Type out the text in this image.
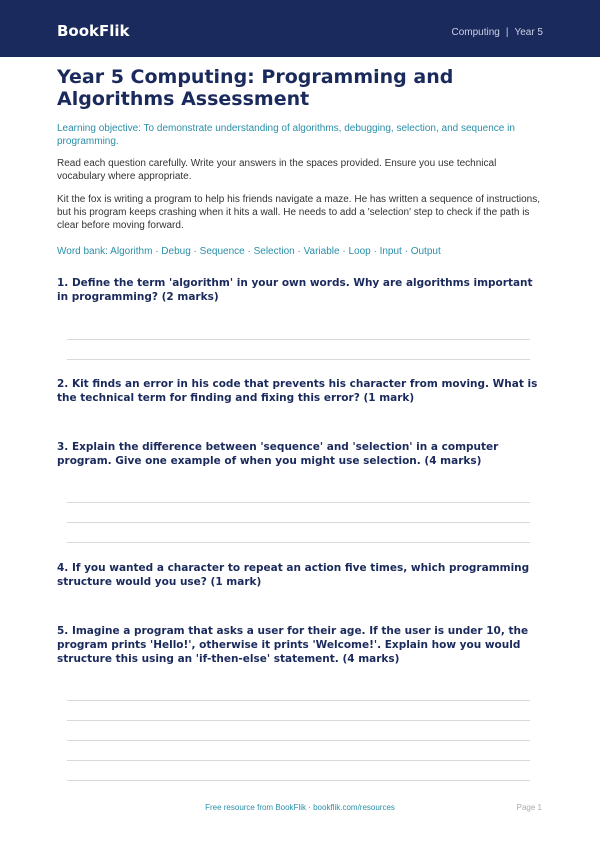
BookFlik	Computing | Year 5
Year 5 Computing: Programming and Algorithms Assessment
Learning objective: To demonstrate understanding of algorithms, debugging, selection, and sequence in programming.
Read each question carefully. Write your answers in the spaces provided. Ensure you use technical vocabulary where appropriate.
Kit the fox is writing a program to help his friends navigate a maze. He has written a sequence of instructions, but his program keeps crashing when it hits a wall. He needs to add a 'selection' step to check if the path is clear before moving forward.
Word bank: Algorithm · Debug · Sequence · Selection · Variable · Loop · Input · Output

1. Define the term 'algorithm' in your own words. Why are algorithms important in programming? (2 marks)

2. Kit finds an error in his code that prevents his character from moving. What is the technical term for finding and fixing this error? (1 mark)

3. Explain the difference between 'sequence' and 'selection' in a computer program. Give one example of when you might use selection. (4 marks)

4. If you wanted a character to repeat an action five times, which programming structure would you use? (1 mark)

5. Imagine a program that asks a user for their age. If the user is under 10, the program prints 'Hello!', otherwise it prints 'Welcome!'. Explain how you would structure this using an 'if-then-else' statement. (4 marks)

Free resource from BookFlik · bookflik.com/resources	Page 1
